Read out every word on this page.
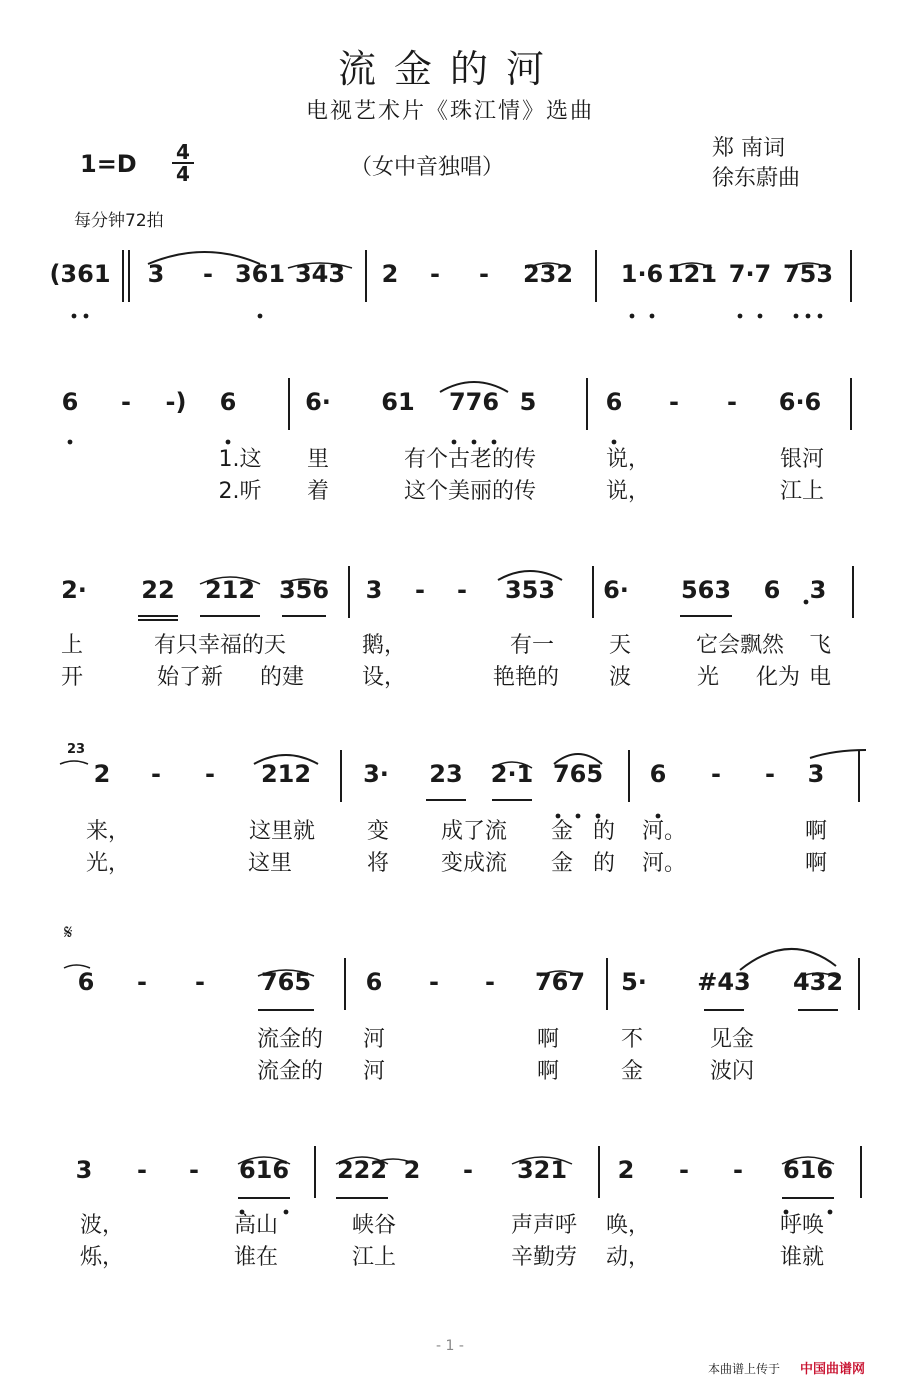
流金的河
电视艺术片《珠江情》选曲
1=D 4
4	（女中音独唱）
郑 南词
徐东蔚曲
每分钟72拍
(361 3 - 361 343 2 - - 232 1·6 121 7·7 753
6 - -) 6	6· 61 776 5	6 - - 6·6
1.这 里	有个古老的传	说，	银河
2.听 着	这个美丽的传	说，	江上
2· 22 212 356 3 - - 353 6· 563 6 3
上	有只幸福的天	鹅，	有一 天	它会飘然 飞
开	始了新 的建	设，	艳艳的 波	光 化为 电
23
2 - - 212 3· 23 2·1 765 6 - - 3
来，	这里就 变 成了流 金 的 河。	啊
光，	这里	将 变成流 金 的 河。	啊
𝄋
6 - - 765 6 - - 767 5· #43 432
流金的 河	啊	不	见金
流金的 河	啊	金	波闪
3 - - 616 222 2 - 321 2 - - 616
波，	高山	峡谷	声声呼 唤，	呼唤
烁，	谁在	江上	辛勤劳 动，	谁就
- 1 -
本曲谱上传于 中国曲谱网
